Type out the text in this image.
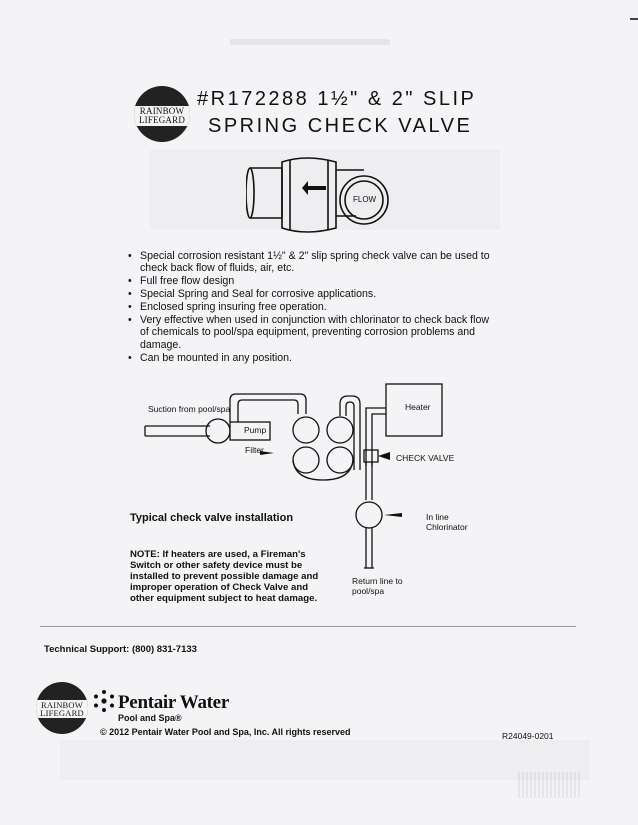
▬▬▬▬▬▬▬▬
RAINBOW
LIFEGARD
#R172288 1½" & 2" SLIP
SPRING CHECK VALVE
FLOW
• Special corrosion resistant 1½" & 2" slip spring check valve can be used to check back flow of fluids, air, etc.
• Full free flow design
• Special Spring and Seal for corrosive applications.
• Enclosed spring insuring free operation.
• Very effective when used in conjunction with chlorinator to check back flow of chemicals to pool/spa equipment, preventing corrosion problems and damage.
• Can be mounted in any position.
Suction from pool/spa
Pump
Filter
Heater
CHECK VALVE
In line
Chlorinator
Return line to
pool/spa
Typical check valve installation
NOTE: If heaters are used, a Fireman's Switch or other safety device must be installed to prevent possible damage and improper operation of Check Valve and other equipment subject to heat damage.
Technical Support: (800) 831-7133
RAINBOW
LIFEGARD Pentair Water
Pool and Spa®
© 2012 Pentair Water Pool and Spa, Inc. All rights reserved	R24049-0201
